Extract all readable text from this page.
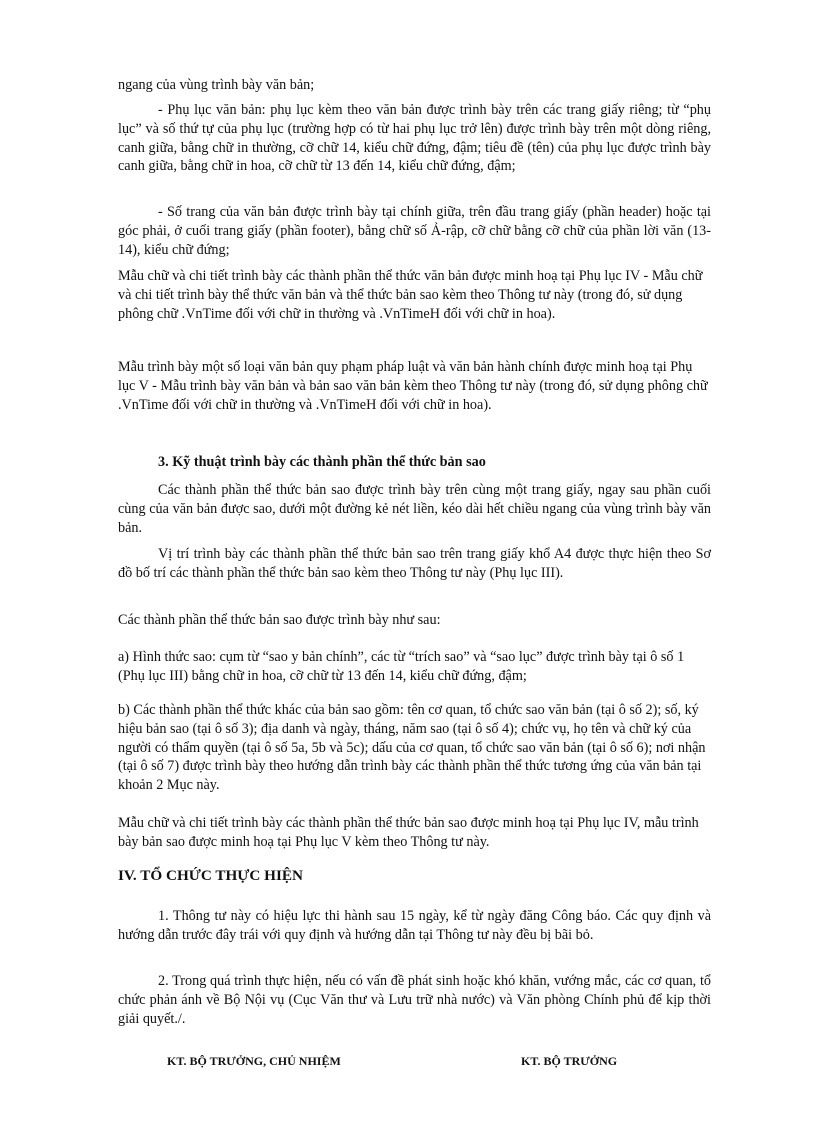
ngang của vùng trình bày văn bản;

- Phụ lục văn bản: phụ lục kèm theo văn bản được trình bày trên các trang giấy riêng; từ “phụ lục” và số thứ tự của phụ lục (trường hợp có từ hai phụ lục trở lên) được trình bày trên một dòng riêng, canh giữa, bằng chữ in thường, cỡ chữ 14, kiểu chữ đứng, đậm; tiêu đề (tên) của phụ lục được trình bày canh giữa, bằng chữ in hoa, cỡ chữ từ 13 đến 14, kiểu chữ đứng, đậm;

- Số trang của văn bản được trình bày tại chính giữa, trên đầu trang giấy (phần header) hoặc tại góc phải, ở cuối trang giấy (phần footer), bằng chữ số Ả-rập, cỡ chữ bằng cỡ chữ của phần lời văn (13-14), kiểu chữ đứng;

Mẫu chữ và chi tiết trình bày các thành phần thể thức văn bản được minh hoạ tại Phụ lục IV - Mẫu chữ và chi tiết trình bày thể thức văn bản và thể thức bản sao kèm theo Thông tư này (trong đó, sử dụng phông chữ .VnTime đối với chữ in thường và .VnTimeH đối với chữ in hoa).

Mẫu trình bày một số loại văn bản quy phạm pháp luật và văn bản hành chính được minh hoạ tại Phụ lục V - Mẫu trình bày văn bản và bản sao văn bản kèm theo Thông tư này (trong đó, sử dụng phông chữ .VnTime đối với chữ in thường và .VnTimeH đối với chữ in hoa).

3. Kỹ thuật trình bày các thành phần thể thức bản sao

Các thành phần thể thức bản sao được trình bày trên cùng một trang giấy, ngay sau phần cuối cùng của văn bản được sao, dưới một đường kẻ nét liền, kéo dài hết chiều ngang của vùng trình bày văn bản.

Vị trí trình bày các thành phần thể thức bản sao trên trang giấy khổ A4 được thực hiện theo Sơ đồ bố trí các thành phần thể thức bản sao kèm theo Thông tư này (Phụ lục III).

Các thành phần thể thức bản sao được trình bày như sau:

a) Hình thức sao: cụm từ “sao y bản chính”, các từ “trích sao” và “sao lục” được trình bày tại ô số 1 (Phụ lục III) bằng chữ in hoa, cỡ chữ từ 13 đến 14, kiểu chữ đứng, đậm;

b) Các thành phần thể thức khác của bản sao gồm: tên cơ quan, tổ chức sao văn bản (tại ô số 2); số, ký hiệu bản sao (tại ô số 3); địa danh và ngày, tháng, năm sao (tại ô số 4); chức vụ, họ tên và chữ ký của người có thẩm quyền (tại ô số 5a, 5b và 5c); dấu của cơ quan, tổ chức sao văn bản (tại ô số 6); nơi nhận (tại ô số 7) được trình bày theo hướng dẫn trình bày các thành phần thể thức tương ứng của văn bản tại khoản 2 Mục này.

Mẫu chữ và chi tiết trình bày các thành phần thể thức bản sao được minh hoạ tại Phụ lục IV, mẫu trình bày bản sao được minh hoạ tại Phụ lục V kèm theo Thông tư này.

IV. TỔ CHỨC THỰC HIỆN

1. Thông tư này có hiệu lực thi hành sau 15 ngày, kể từ ngày đăng Công báo. Các quy định và hướng dẫn trước đây trái với quy định và hướng dẫn tại Thông tư này đều bị bãi bỏ.

2. Trong quá trình thực hiện, nếu có vấn đề phát sinh hoặc khó khăn, vướng mắc, các cơ quan, tổ chức phản ánh về Bộ Nội vụ (Cục Văn thư và Lưu trữ nhà nước) và Văn phòng Chính phủ để kịp thời giải quyết./.

KT. BỘ TRƯỞNG, CHỦ NHIỆM	KT. BỘ TRƯỞNG
